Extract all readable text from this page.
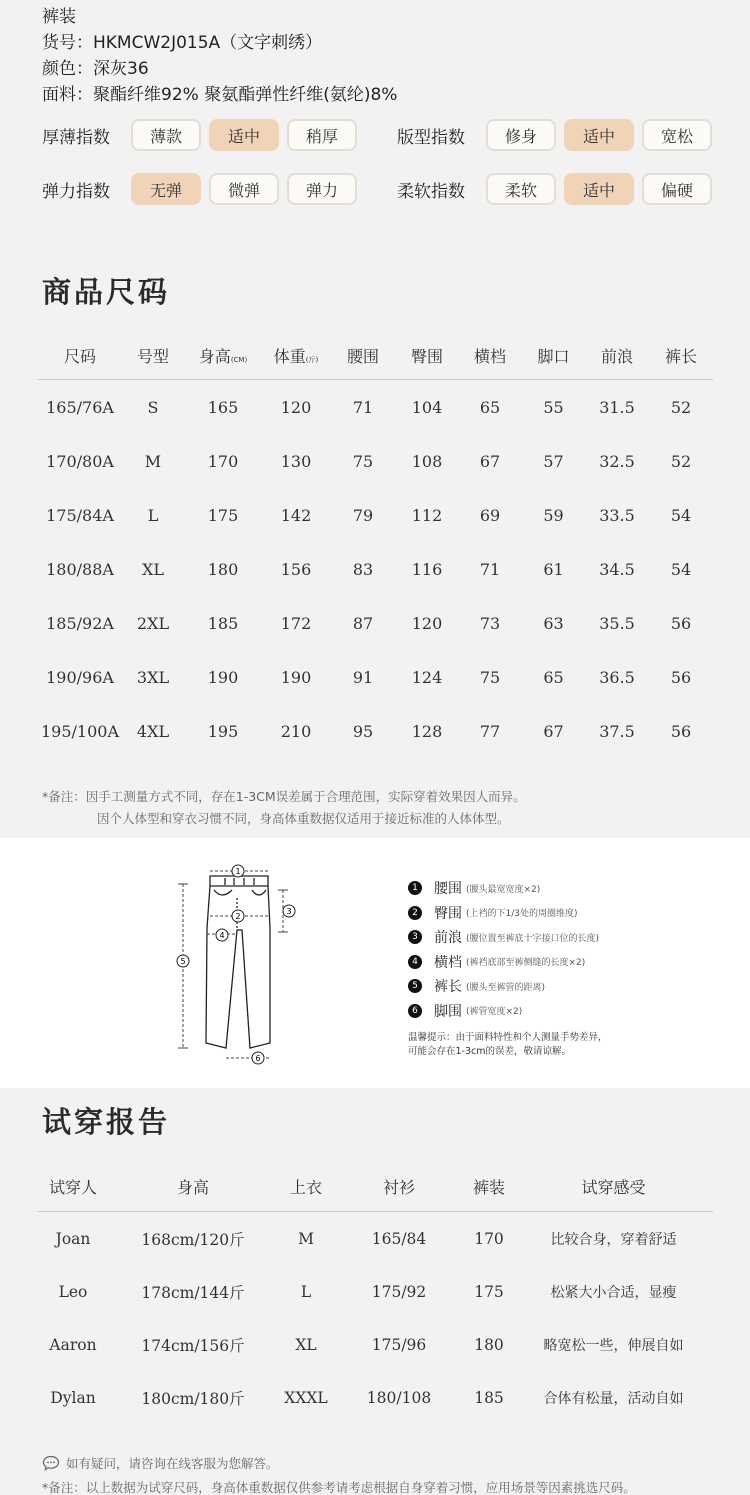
裤装
货号：HKMCW2J015A（文字刺绣）
颜色：深灰36
面料：聚酯纤维92% 聚氨酯弹性纤维(氨纶)8%
厚薄指数	薄款	适中	稍厚	版型指数	修身	适中	宽松
弹力指数	无弹	微弹	弹力	柔软指数	柔软	适中	偏硬
商品尺码
尺码	号型	身高(CM)	体重(斤)	腰围	臀围	横档	脚口	前浪	裤长
165/76A	S	165	120	71	104	65	55	31.5	52
170/80A	M	170	130	75	108	67	57	32.5	52
175/84A	L	175	142	79	112	69	59	33.5	54
180/88A	XL	180	156	83	116	71	61	34.5	54
185/92A	2XL	185	172	87	120	73	63	35.5	56
190/96A	3XL	190	190	91	124	75	65	36.5	56
195/100A	4XL	195	210	95	128	77	67	37.5	56
*备注：因手工测量方式不同，存在1-3CM误差属于合理范围，实际穿着效果因人而异。
因个人体型和穿衣习惯不同，身高体重数据仅适用于接近标准的人体体型。
1
2
3
4
5
6
1 腰围 (腰头最宽宽度×2)
2 臀围 (上裆的下1/3处的周圈维度)
3 前浪 (腰位置至裤底十字接口位的长度)
4 横档 (裤裆底部至裤侧缝的长度×2)
5 裤长 (腰头至裤管的距离)
6 脚围 (裤管宽度×2)
温馨提示：由于面料特性和个人测量手势差异，
可能会存在1-3cm的误差，敬请谅解。
试穿报告
试穿人	身高	上衣	衬衫	裤装	试穿感受
Joan	168cm/120斤	M	165/84	170	比较合身，穿着舒适
Leo	178cm/144斤	L	175/92	175	松紧大小合适，显瘦
Aaron	174cm/156斤	XL	175/96	180	略宽松一些，伸展自如
Dylan	180cm/180斤	XXXL	180/108	185	合体有松量，活动自如
如有疑问，请咨询在线客服为您解答。
*备注：以上数据为试穿尺码，身高体重数据仅供参考请考虑根据自身穿着习惯，应用场景等因素挑选尺码。
